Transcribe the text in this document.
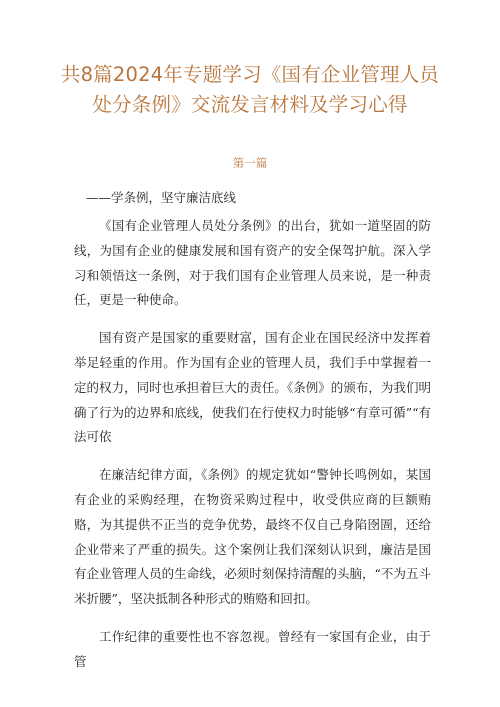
共8篇2024年专题学习《国有企业管理人员处分条例》交流发言材料及学习心得
第一篇
——学条例，坚守廉洁底线

《国有企业管理人员处分条例》的出台，犹如一道坚固的防线，为国有企业的健康发展和国有资产的安全保驾护航。深入学习和领悟这一条例，对于我们国有企业管理人员来说，是一种责任，更是一种使命。

国有资产是国家的重要财富，国有企业在国民经济中发挥着举足轻重的作用。作为国有企业的管理人员，我们手中掌握着一定的权力，同时也承担着巨大的责任。《条例》的颁布，为我们明确了行为的边界和底线，使我们在行使权力时能够“有章可循”“有法可依

在廉洁纪律方面，《条例》的规定犹如“警钟长鸣例如，某国有企业的采购经理，在物资采购过程中，收受供应商的巨额贿赂，为其提供不正当的竞争优势，最终不仅自己身陷囹圄，还给企业带来了严重的损失。这个案例让我们深刻认识到，廉洁是国有企业管理人员的生命线，必须时刻保持清醒的头脑，“不为五斗米折腰”，坚决抵制各种形式的贿赂和回扣。

工作纪律的重要性也不容忽视。曾经有一家国有企业，由于管
